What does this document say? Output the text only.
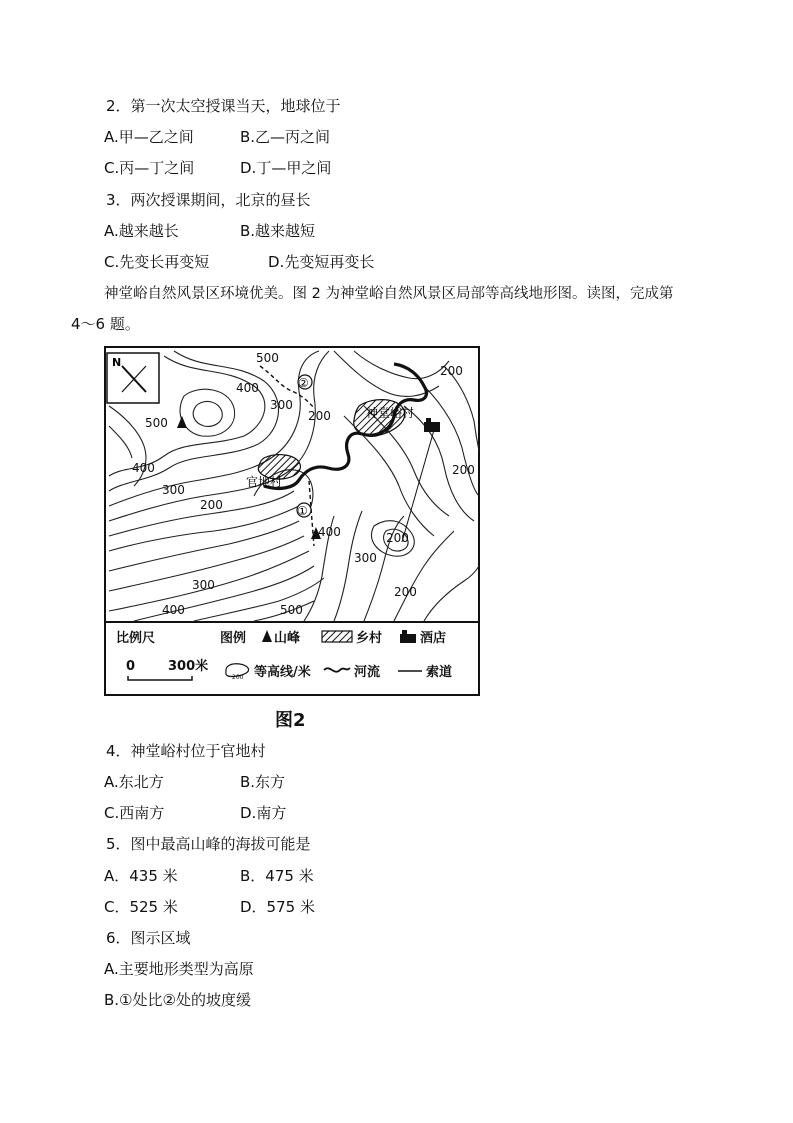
2．第一次太空授课当天，地球位于
A.甲—乙之间	B.乙—丙之间
C.丙—丁之间	D.丁—甲之间
3．两次授课期间，北京的昼长
A.越来越长	B.越来越短
C.先变长再变短	D.先变短再变长
神堂峪自然风景区环境优美。图 2 为神堂峪自然风景区局部等高线地形图。读图，完成第
4～6 题。
N
神堂峪村
官地村
②
①
500
400
300
200
500
400
300
200
200
400
300
200
300
400	500
200
200
比例尺
0	300米
图例 山峰	乡村	酒店
200 等高线/米	河流	索道
图2
4．神堂峪村位于官地村
A.东北方	B.东方
C.西南方	D.南方
5．图中最高山峰的海拔可能是
A．435 米	B．475 米
C．525 米	D．575 米
6．图示区域
A.主要地形类型为高原
B.①处比②处的坡度缓
